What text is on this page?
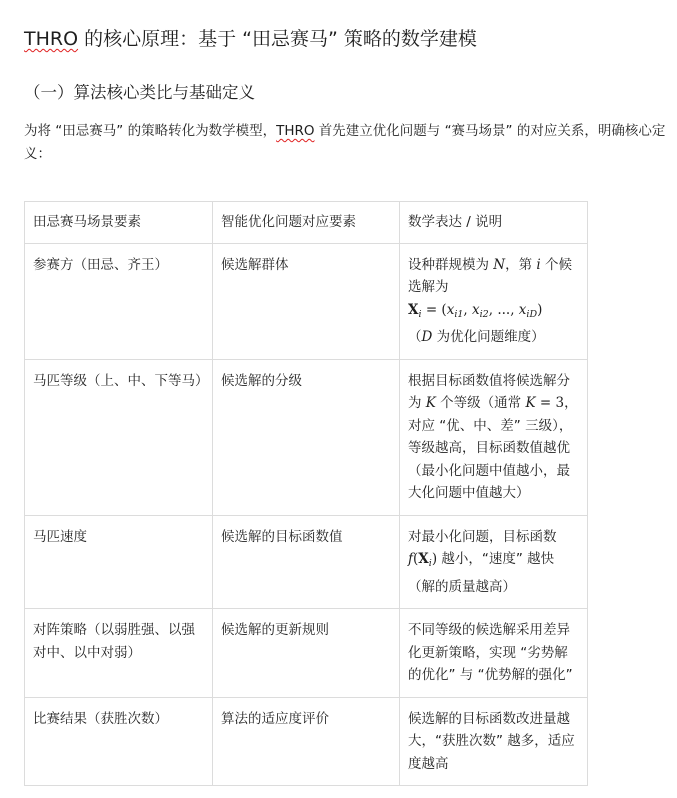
THRO 的核心原理：基于 “田忌赛马” 策略的数学建模
（一）算法核心类比与基础定义
为将 “田忌赛马” 的策略转化为数学模型，THRO 首先建立优化问题与 “赛马场景” 的对应关系，明确核心定义：
田忌赛马场景要素	智能优化问题对应要素	数学表达 / 说明
参赛方（田忌、齐王）	候选解群体	设种群规模为 N，第 i 个候选解为
$X_i = (x_{i1}$, $x_{i2}$, ..., $x_{iD}$)
（D 为优化问题维度）
马匹等级（上、中、下等马）	候选解的分级	根据目标函数值将候选解分为 K 个等级（通常 K = 3，对应 “优、中、差” 三级），等级越高，目标函数值越优（最小化问题中值越小，最大化问题中值越大）
马匹速度	候选解的目标函数值	对最小化问题，目标函数 $f(X_i)$ 越小，“速度” 越快（解的质量越高）
对阵策略（以弱胜强、以强对中、以中对弱）	候选解的更新规则	不同等级的候选解采用差异化更新策略，实现 “劣势解的优化” 与 “优势解的强化”
比赛结果（获胜次数）	算法的适应度评价	候选解的目标函数改进量越大，“获胜次数” 越多，适应度越高
